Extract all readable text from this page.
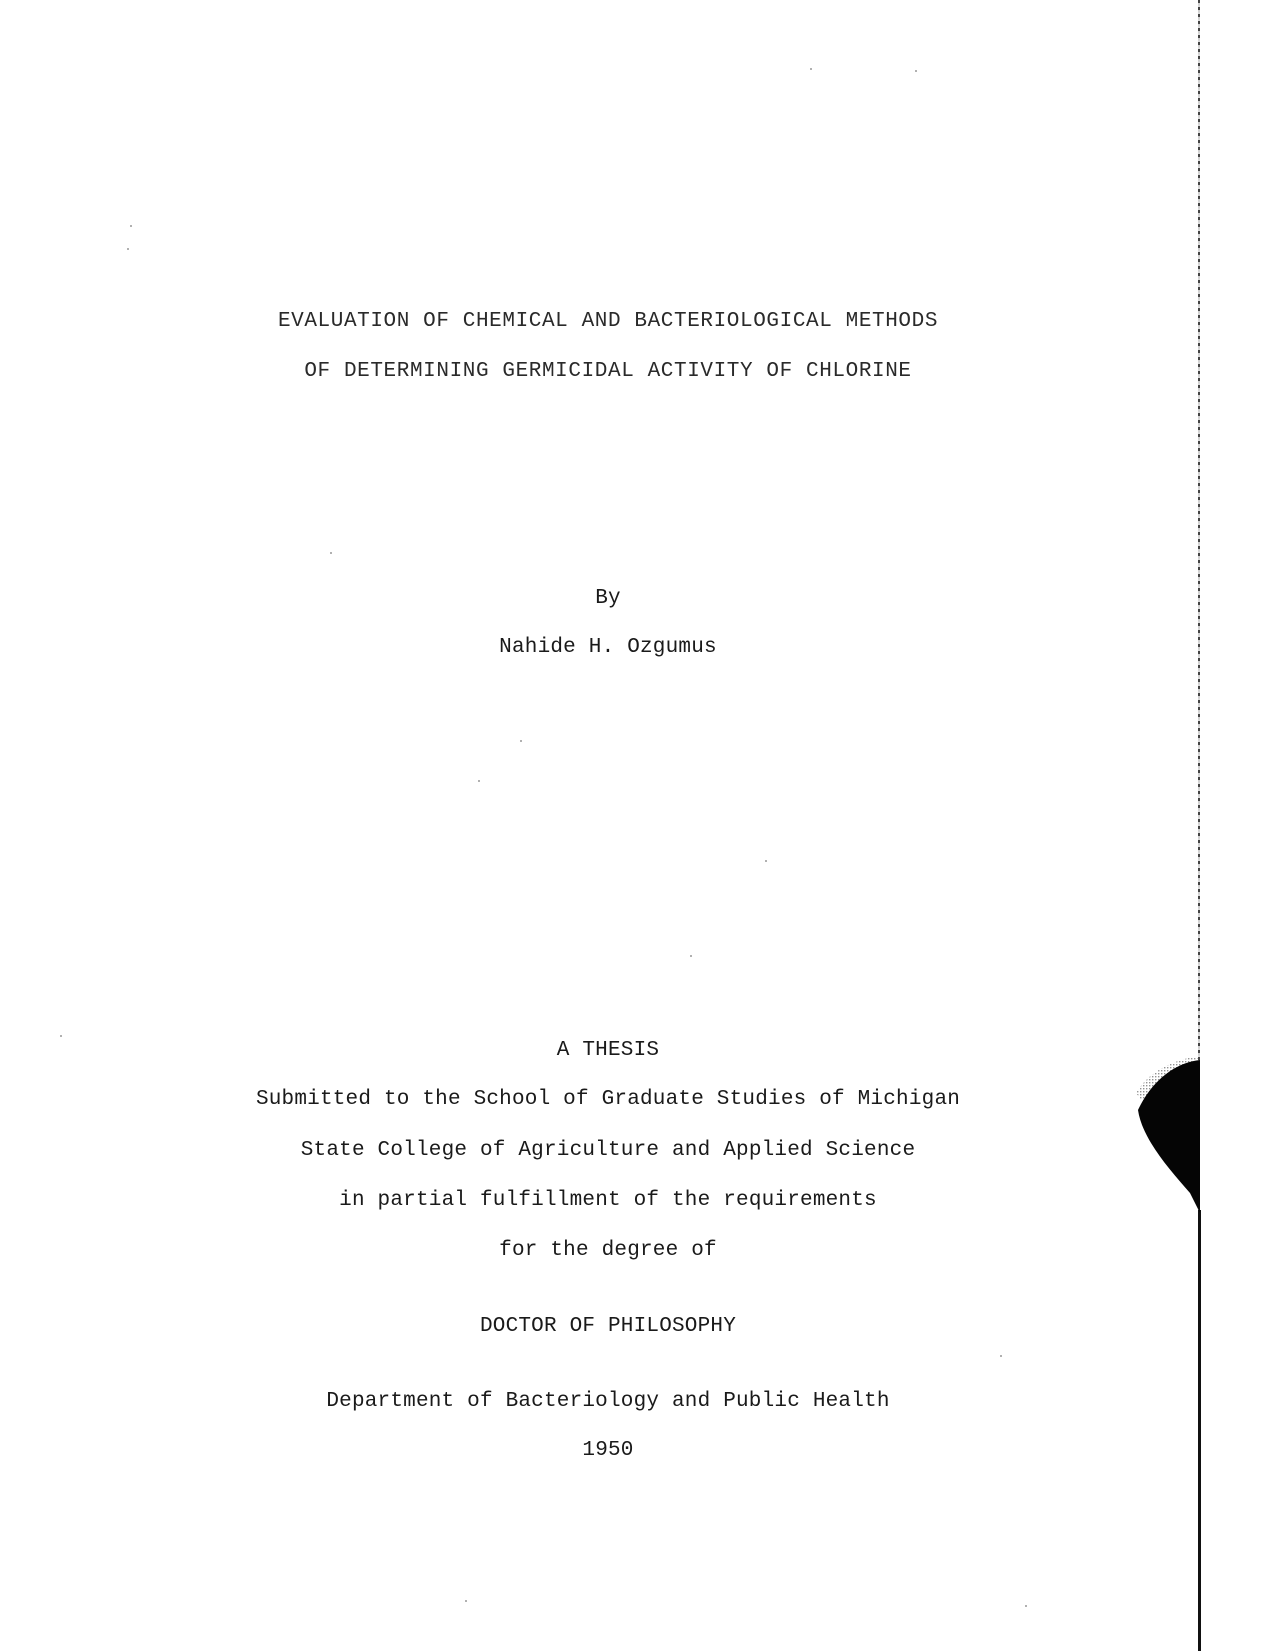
EVALUATION OF CHEMICAL AND BACTERIOLOGICAL METHODS
OF DETERMINING GERMICIDAL ACTIVITY OF CHLORINE
By
Nahide H. Ozgumus
A THESIS
Submitted to the School of Graduate Studies of Michigan
State College of Agriculture and Applied Science
in partial fulfillment of the requirements
for the degree of
DOCTOR OF PHILOSOPHY
Department of Bacteriology and Public Health
1950
